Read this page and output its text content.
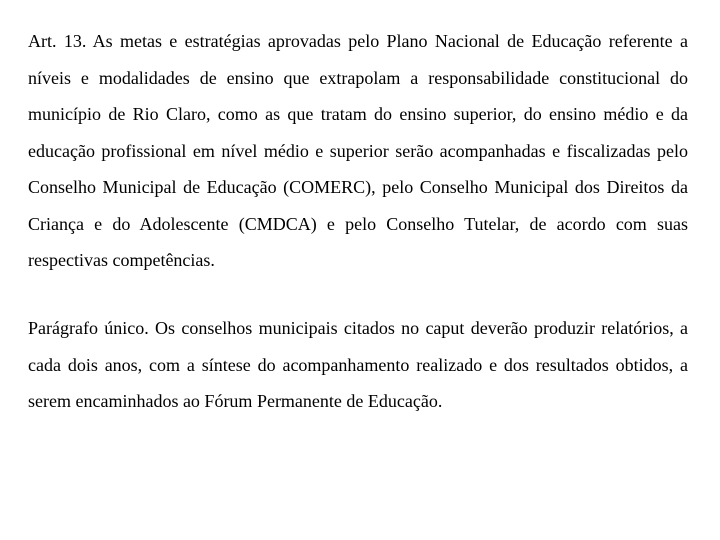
Art. 13. As metas e estratégias aprovadas pelo Plano Nacional de Educação referente a níveis e modalidades de ensino que extrapolam a responsabilidade constitucional do município de Rio Claro, como as que tratam do ensino superior, do ensino médio e da educação profissional em nível médio e superior serão acompanhadas e fiscalizadas pelo Conselho Municipal de Educação (COMERC), pelo Conselho Municipal dos Direitos da Criança e do Adolescente (CMDCA) e pelo Conselho Tutelar, de acordo com suas respectivas competências.

Parágrafo único. Os conselhos municipais citados no caput deverão produzir relatórios, a cada dois anos, com a síntese do acompanhamento realizado e dos resultados obtidos, a serem encaminhados ao Fórum Permanente de Educação.
